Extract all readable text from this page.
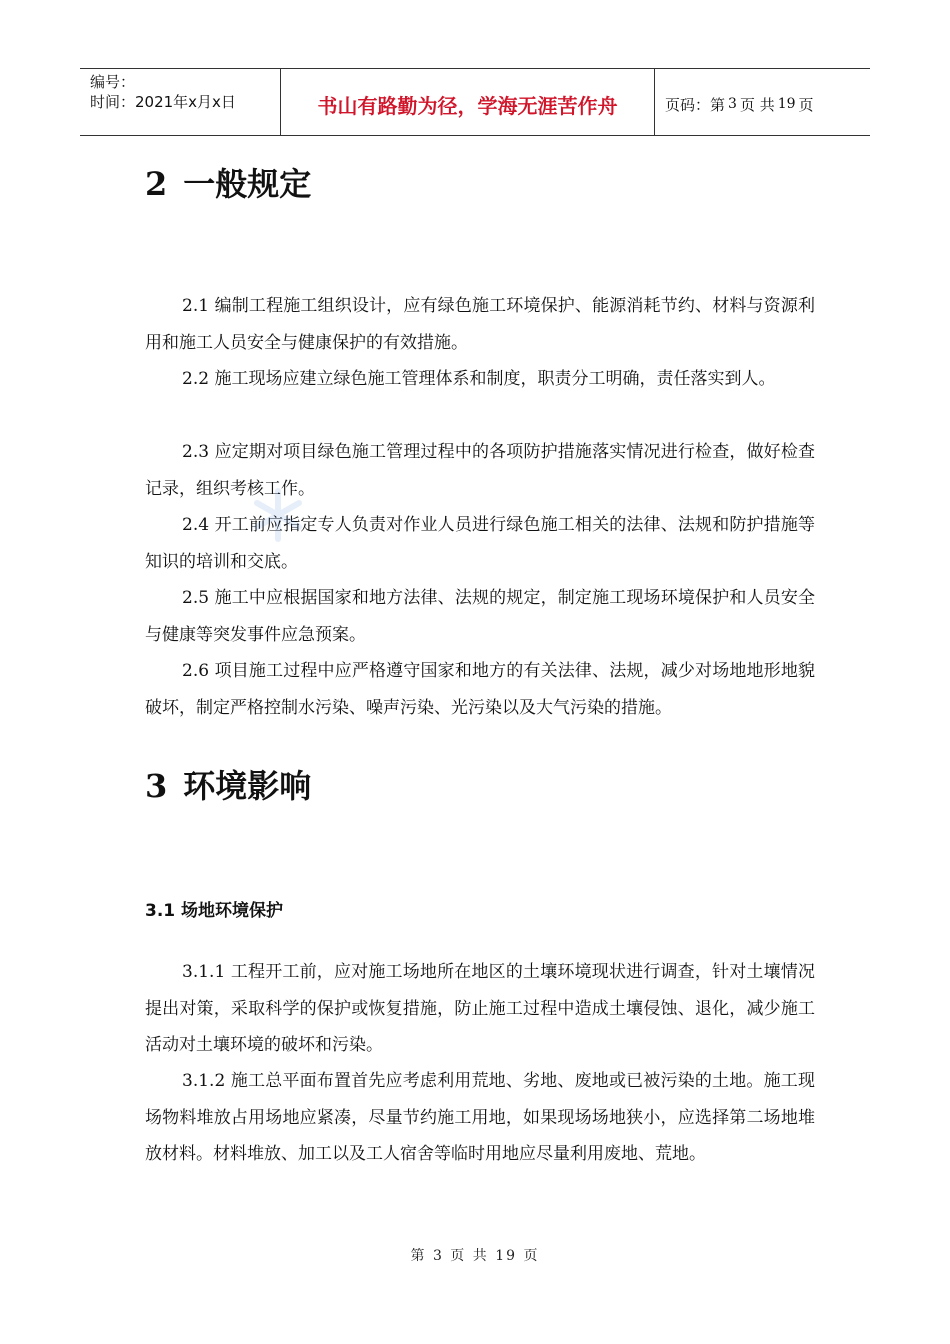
编号：
时间：2021年x月x日	书山有路勤为径，学海无涯苦作舟	页码：第 3 页 共 19 页
2 一般规定

2.1 编制工程施工组织设计，应有绿色施工环境保护、能源消耗节约、材料与资源利用和施工人员安全与健康保护的有效措施。

2.2 施工现场应建立绿色施工管理体系和制度，职责分工明确，责任落实到人。

2.3 应定期对项目绿色施工管理过程中的各项防护措施落实情况进行检查，做好检查记录，组织考核工作。

2.4 开工前应指定专人负责对作业人员进行绿色施工相关的法律、法规和防护措施等知识的培训和交底。

2.5 施工中应根据国家和地方法律、法规的规定，制定施工现场环境保护和人员安全与健康等突发事件应急预案。

2.6 项目施工过程中应严格遵守国家和地方的有关法律、法规，减少对场地地形地貌破坏，制定严格控制水污染、噪声污染、光污染以及大气污染的措施。

3 环境影响
3.1 场地环境保护

3.1.1 工程开工前，应对施工场地所在地区的土壤环境现状进行调查，针对土壤情况提出对策，采取科学的保护或恢复措施，防止施工过程中造成土壤侵蚀、退化，减少施工活动对土壤环境的破坏和污染。

3.1.2 施工总平面布置首先应考虑利用荒地、劣地、废地或已被污染的土地。施工现场物料堆放占用场地应紧凑，尽量节约施工用地，如果现场场地狭小，应选择第二场地堆放材料。材料堆放、加工以及工人宿舍等临时用地应尽量利用废地、荒地。

第 3 页 共 19 页
